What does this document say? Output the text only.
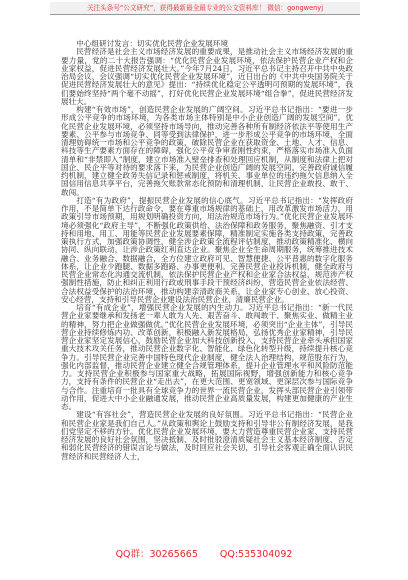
关注头条号“公文研究”，获得最新最全最专业的公文资料库！ 微信：gongwenyj
中心组研讨发言：切实优化民营企业发展环境

民营经济是社会主义市场经济发展的重要成果，是推动社会主义市场经济发展的重要力量，党的二十大报告强调：“优化民营企业发展环境，依法保护民营企业产权和企业家权益，促进民营经济发展壮大。”今年7月24日，习近平总书记主持召开中共中央政治局会议，会议强调“切实优化民营企业发展环境”，近日出台的《中共中央国务院关于促进民营经济发展壮大的意见》提出：“持续优化稳定公平透明可预期的发展环境”，我们要始终坚持“两个毫不动摇”，打好优化民营企业发展环境“组合拳”，促进民营经济发展壮大。

构建“有效市场”，创造民营企业发展的广阔空间。习近平总书记指出：“要进一步形成公平竞争的市场环境，为各类市场主体特别是中小企业创造广阔的发展空间”。优化民营企业发展环境，必须坚持市场导向，推动完善各种所有制经济依法平等使用生产要素、公平参与市场竞争、同等受到法律保护，进一步形成公平竞争的市场环境，全面清理妨碍统一市场和公平竞争的政策，破除民营企业在获取资金、土地、人才、信息、科技等生产要素方面存在的障碍，强化公平竞争审查刚性约束，严格落实市场准入负面清单和“非禁即入”制度，建立市场准入壁垒排查和处理回应机制，从制度和法律上把对国企、民企平等对待的要求落下来，为民营企业创造广阔的发展空间。完善政府诚信履约机制，建立健全政务失信记录和惩戒制度，将机关、事业单位的违约拖欠信息纳入全国信用信息共享平台，完善拖欠账款常态化预防和清理机制，让民营企业敢投、敢干、敢闯。

打造“有为政府”，提振民营企业发展的信心底气。习近平总书记指出：“发挥政府作用，不是简单下达行政命令，要在尊重市场规律的基础上，用改革激发市场活力，用政策引导市场预期，用规划明确投资方向，用法治规范市场行为。”优化民营企业发展环境必须强化“政府主导”，不断强化政策供给、法治保障和政务服务，聚焦融资、引才支持和用地、用工、用能等民营企业发展要素保障，精准制定实施各类支持政策，完善政策执行方式，加强政策协调性，健全涉企政策全流程评估制度，推动政策精准化、横向协同、纵向联动，让涉企政策红利直达企业。聚焦企业全生命周期服务，统筹推进技术融合、业务融合、数据融合，全方位建立政府可见、智慧便捷、公平普惠的数字化服务体系，让企业少跑腿、数据多跑路、办事更便利。完善民营企业投诉机制，健全政府与民营企业常态化沟通交流机制，依法保护民营企业产权和企业家合法权益，规范涉产权强制性措施，防止和纠正利用行政或刑事手段干预经济纠纷，营造民营企业依法经营、合法权益受保护的法治环境，推动构建亲清政商关系，让企业家专心创业、放心投资、安心经营，支持和引导民营企业建设法治民营企业、清廉民营企业。

培育“有成企业”，增强民营企业发展的内生动力。习近平总书记指出：“新一代民营企业家要继承和发扬老一辈人敢为人先、艰苦奋斗、敢闯敢干、聚焦实业、做精主业的精神，努力把企业做强做优。”优化民营企业发展环境，必须突出“企业主体”，引导民营企业持续修炼内功、改革创新，积极融入新发展格局，弘扬优秀企业家精神，引导民营企业家坚定发展信心，鼓励民营企业加大科技创新投入，支持民营企业牵头承担国家重大技术攻关任务，推动民营企业数字化、智能化、绿色化转型升级，持续提升核心竞争力。引导民营企业完善中国特色现代企业制度，健全法人治理结构，规范股东行为，强化内部监督，推动民营企业建立健全合规管理体系，提升企业管理水平和风险防范能力。支持民营企业积极参与国家重大战略，拓展国际视野，增强创新能力和核心竞争力，支持有条件的民营企业“走出去”，在更大范围、更宽领域、更深层次参与国际竞争与合作。注重培育一批具有全球竞争力的世界一流民营企业，发挥头部民营企业引领带动作用，促进大中小企业融通发展，推动民营企业高质量发展，构建更加健康的产业生态。

建设“有容社会”，营造民营企业发展的良好氛围。习近平总书记指出：“民营企业和民营企业家是我们自己人。”从政策和舆论上鼓励支持和引导非公有制经济发展，是我们党坚定不移的方针。优化民营企业发展环境，要大力营造尊重民营企业家、支持民营经济发展的良好社会氛围，坚决抵制、及时批驳澄清质疑社会主义基本经济制度、否定和弱化民营经济的错误言论与做法，及时回应社会关切，引导社会客观正确全面认识民营经济和民营经济人士，

QQ群：30265665 QQ:535304092
